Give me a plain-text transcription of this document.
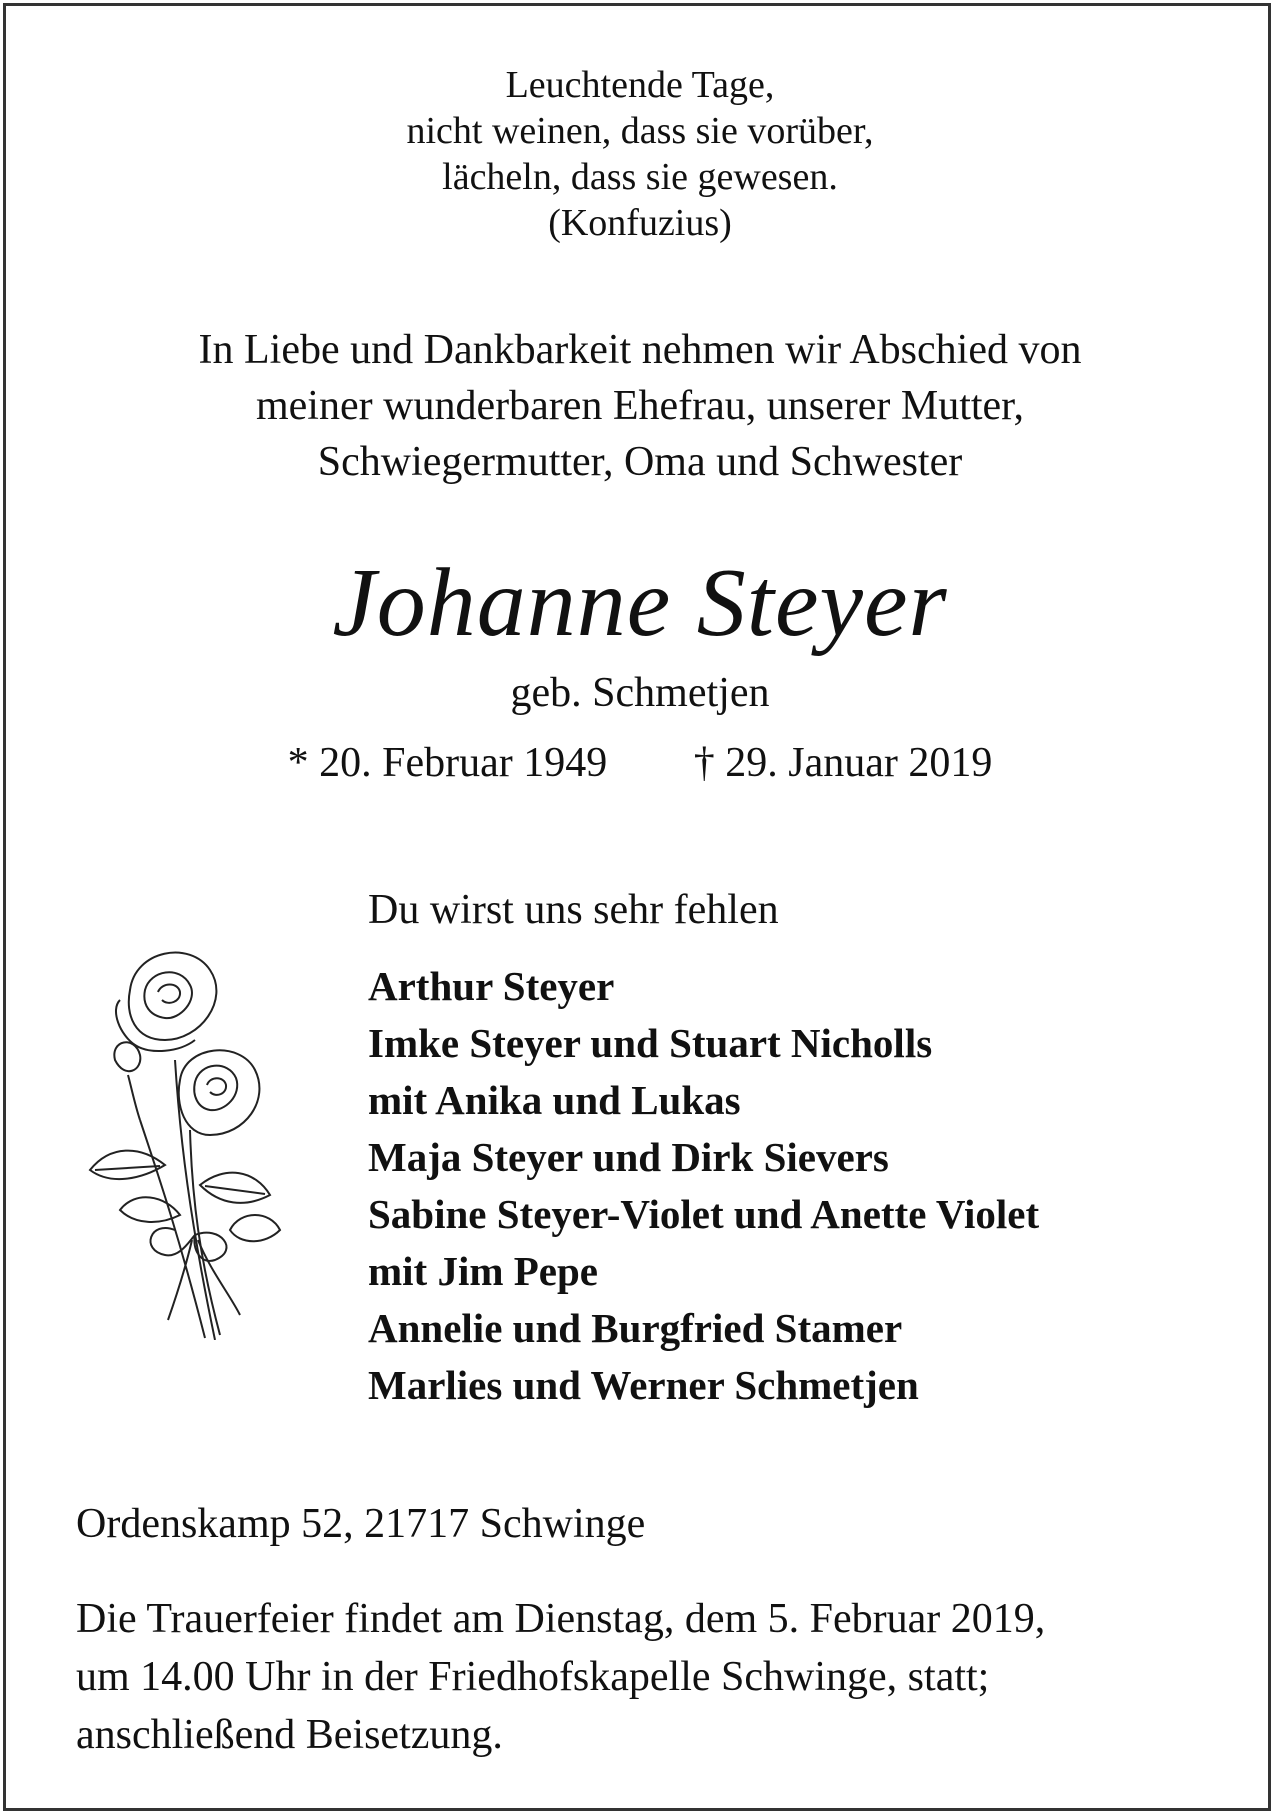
Leuchtende Tage,
nicht weinen, dass sie vorüber,
lächeln, dass sie gewesen.
(Konfuzius)
In Liebe und Dankbarkeit nehmen wir Abschied von
meiner wunderbaren Ehefrau, unserer Mutter,
Schwiegermutter, Oma und Schwester
Johanne Steyer
geb. Schmetjen
* 20. Februar 1949 † 29. Januar 2019
Du wirst uns sehr fehlen
Arthur Steyer
Imke Steyer und Stuart Nicholls
mit Anika und Lukas
Maja Steyer und Dirk Sievers
Sabine Steyer-Violet und Anette Violet
mit Jim Pepe
Annelie und Burgfried Stamer
Marlies und Werner Schmetjen
Ordenskamp 52, 21717 Schwinge
Die Trauerfeier findet am Dienstag, dem 5. Februar 2019,
um 14.00 Uhr in der Friedhofskapelle Schwinge, statt;
anschließend Beisetzung.
